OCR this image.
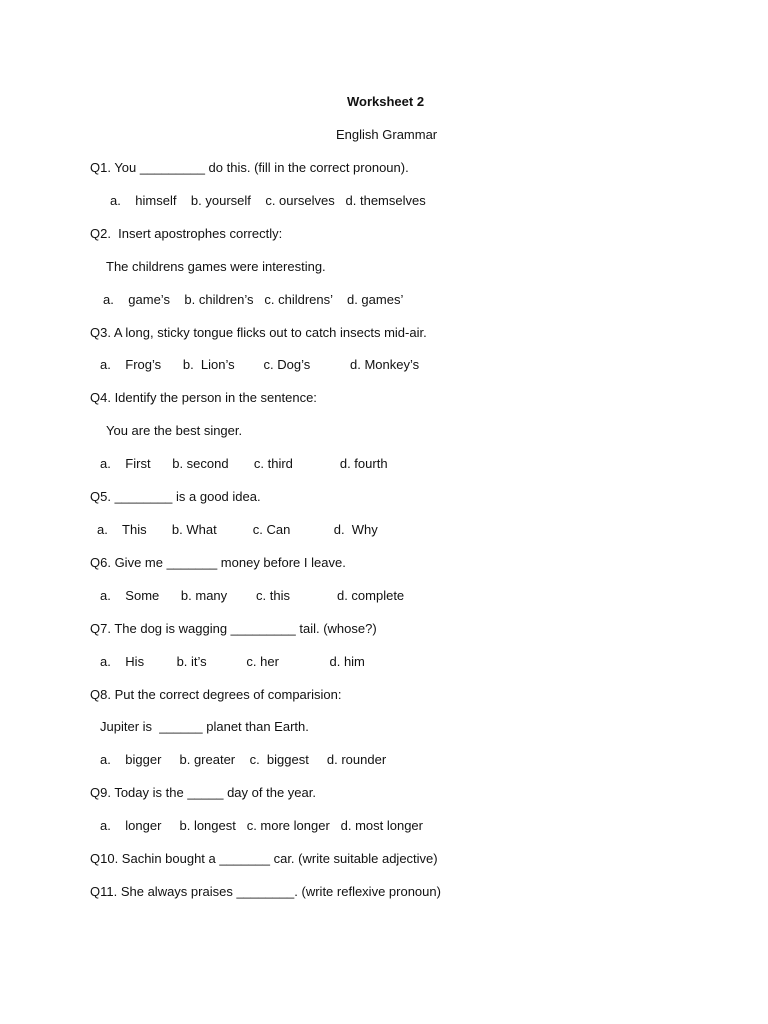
Worksheet 2
English Grammar
Q1. You _________ do this. (fill in the correct pronoun).
a.    himself    b. yourself    c. ourselves   d. themselves
Q2.  Insert apostrophes correctly:
The childrens games were interesting.
a.    game’s    b. children’s   c. childrens’    d. games’
Q3. A long, sticky tongue flicks out to catch insects mid-air.
a.    Frog’s      b.  Lion’s        c. Dog’s           d. Monkey’s
Q4. Identify the person in the sentence:
You are the best singer.
a.    First      b. second       c. third             d. fourth
Q5. ________ is a good idea.
a.    This       b. What          c. Can            d.  Why
Q6. Give me _______ money before I leave.
a.    Some      b. many        c. this             d. complete
Q7. The dog is wagging _________ tail. (whose?)
a.    His         b. it’s           c. her              d. him
Q8. Put the correct degrees of comparision:
Jupiter is  ______ planet than Earth.
a.    bigger     b. greater    c.  biggest     d. rounder
Q9. Today is the _____ day of the year.
a.    longer     b. longest   c. more longer   d. most longer
Q10. Sachin bought a _______ car. (write suitable adjective)
Q11. She always praises ________. (write reflexive pronoun)
